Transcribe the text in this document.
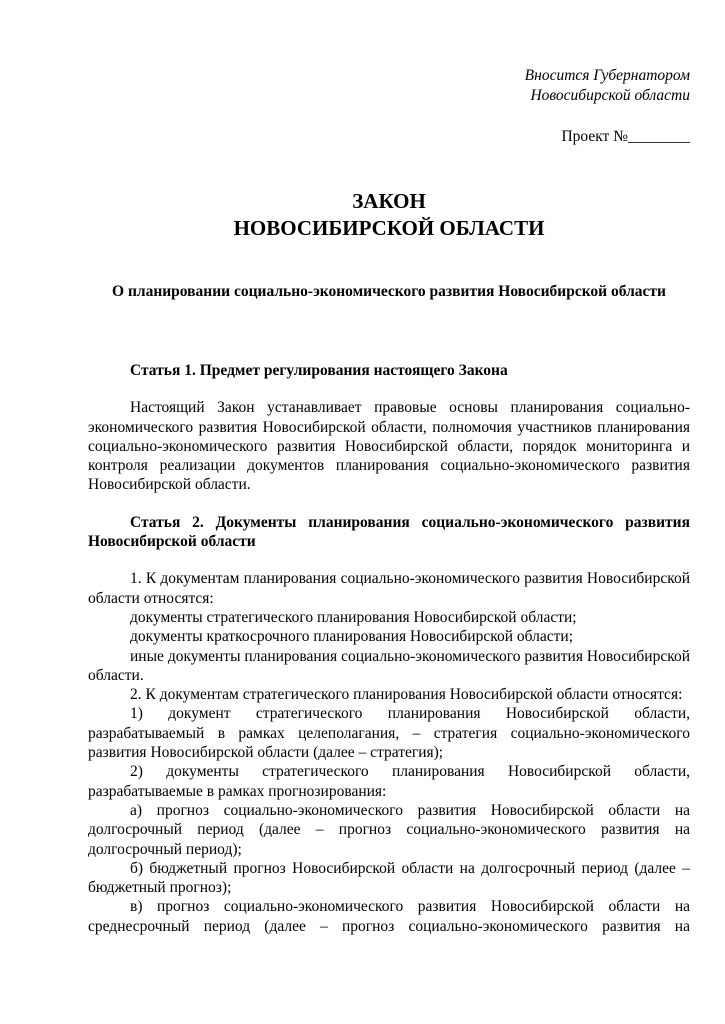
Вносится Губернатором
Новосибирской области
Проект №________
ЗАКОН
НОВОСИБИРСКОЙ ОБЛАСТИ
О планировании социально-экономического развития Новосибирской области
Статья 1. Предмет регулирования настоящего Закона

Настоящий Закон устанавливает правовые основы планирования социально-экономического развития Новосибирской области, полномочия участников планирования социально-экономического развития Новосибирской области, порядок мониторинга и контроля реализации документов планирования социально-экономического развития Новосибирской области.

Статья 2. Документы планирования социально-экономического развития Новосибирской области

1. К документам планирования социально-экономического развития Новосибирской области относятся:

документы стратегического планирования Новосибирской области;

документы краткосрочного планирования Новосибирской области;

иные документы планирования социально-экономического развития Новосибирской области.

2. К документам стратегического планирования Новосибирской области относятся:

1) документ стратегического планирования Новосибирской области, разрабатываемый в рамках целеполагания, – стратегия социально-экономического развития Новосибирской области (далее – стратегия);

2) документы стратегического планирования Новосибирской области, разрабатываемые в рамках прогнозирования:

а) прогноз социально-экономического развития Новосибирской области на долгосрочный период (далее – прогноз социально-экономического развития на долгосрочный период);

б) бюджетный прогноз Новосибирской области на долгосрочный период (далее – бюджетный прогноз);

в) прогноз социально-экономического развития Новосибирской области на среднесрочный период (далее – прогноз социально-экономического развития на
